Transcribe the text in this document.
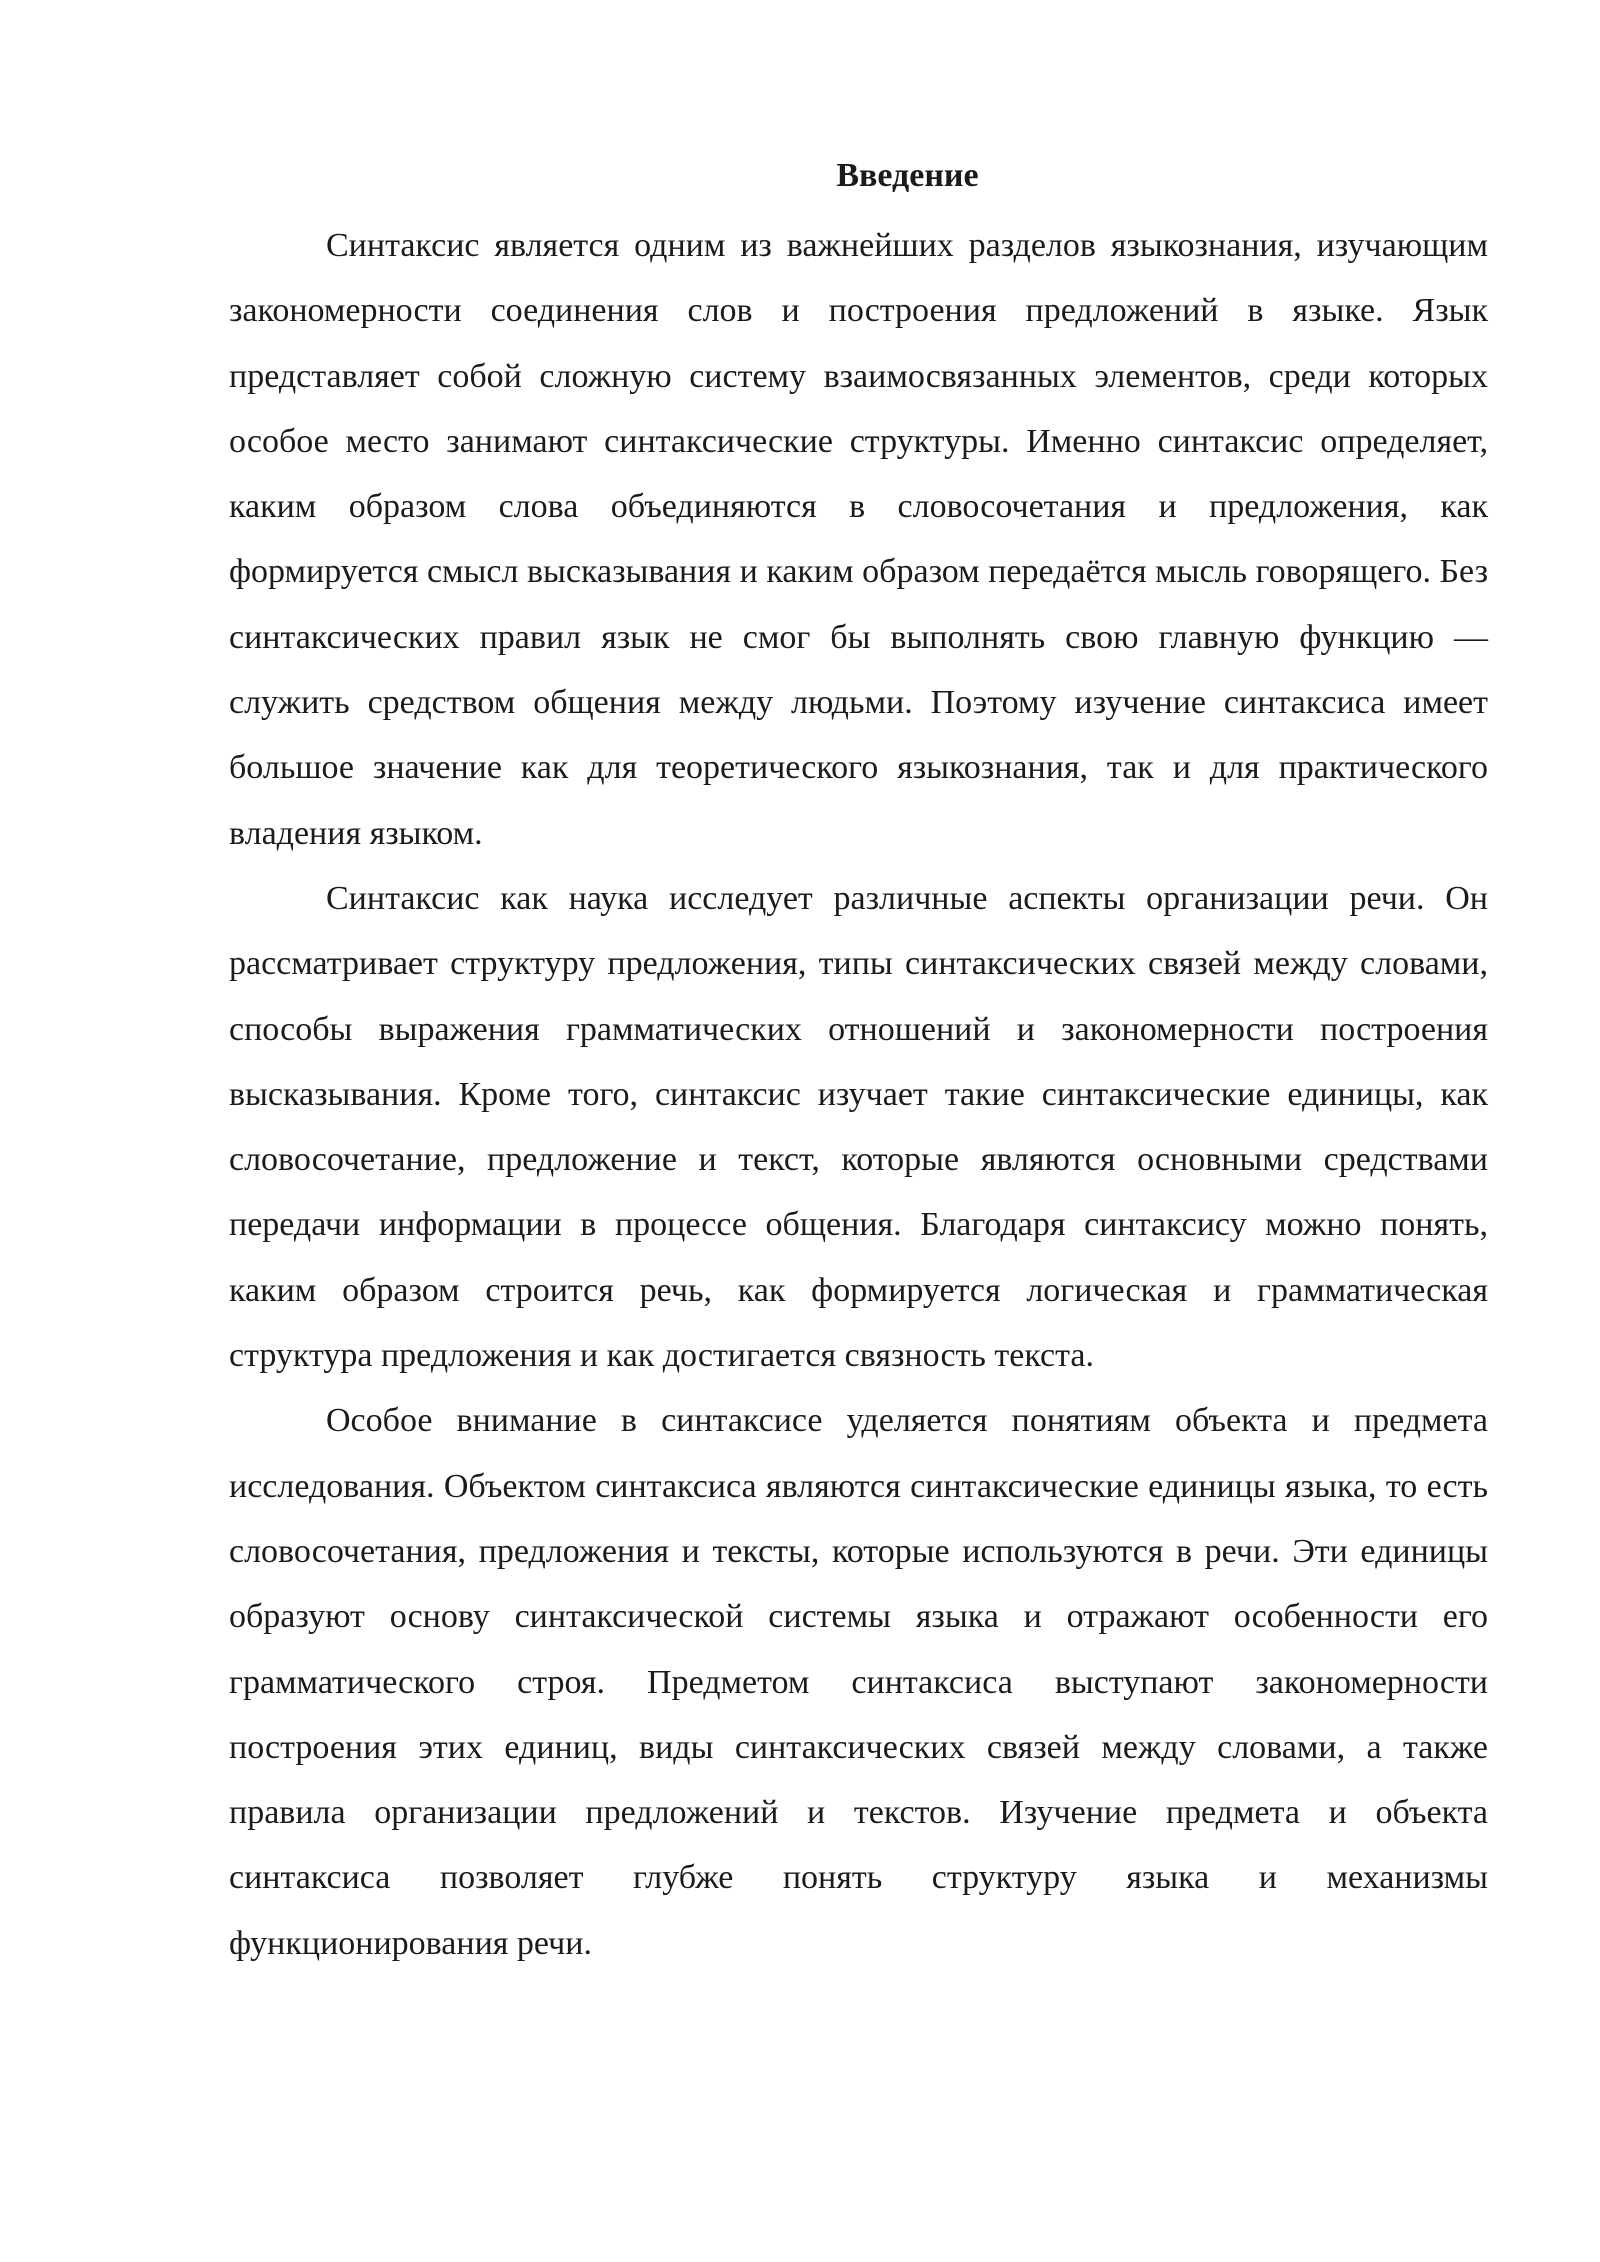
Введение

Синтаксис является одним из важнейших разделов языкознания, изучающим закономерности соединения слов и построения предложений в языке. Язык представляет собой сложную систему взаимосвязанных элементов, среди которых особое место занимают синтаксические структуры. Именно синтаксис определяет, каким образом слова объединяются в словосочетания и предложения, как формируется смысл высказывания и каким образом передаётся мысль говорящего. Без синтаксических правил язык не смог бы выполнять свою главную функцию — служить средством общения между людьми. Поэтому изучение синтаксиса имеет большое значение как для теоретического языкознания, так и для практического владения языком.

Синтаксис как наука исследует различные аспекты организации речи. Он рассматривает структуру предложения, типы синтаксических связей между словами, способы выражения грамматических отношений и закономерности построения высказывания. Кроме того, синтаксис изучает такие синтаксические единицы, как словосочетание, предложение и текст, которые являются основными средствами передачи информации в процессе общения. Благодаря синтаксису можно понять, каким образом строится речь, как формируется логическая и грамматическая структура предложения и как достигается связность текста.

Особое внимание в синтаксисе уделяется понятиям объекта и предмета исследования. Объектом синтаксиса являются синтаксические единицы языка, то есть словосочетания, предложения и тексты, которые используются в речи. Эти единицы образуют основу синтаксической системы языка и отражают особенности его грамматического строя. Предметом синтаксиса выступают закономерности построения этих единиц, виды синтаксических связей между словами, а также правила организации предложений и текстов. Изучение предмета и объекта синтаксиса позволяет глубже понять структуру языка и механизмы функционирования речи.
